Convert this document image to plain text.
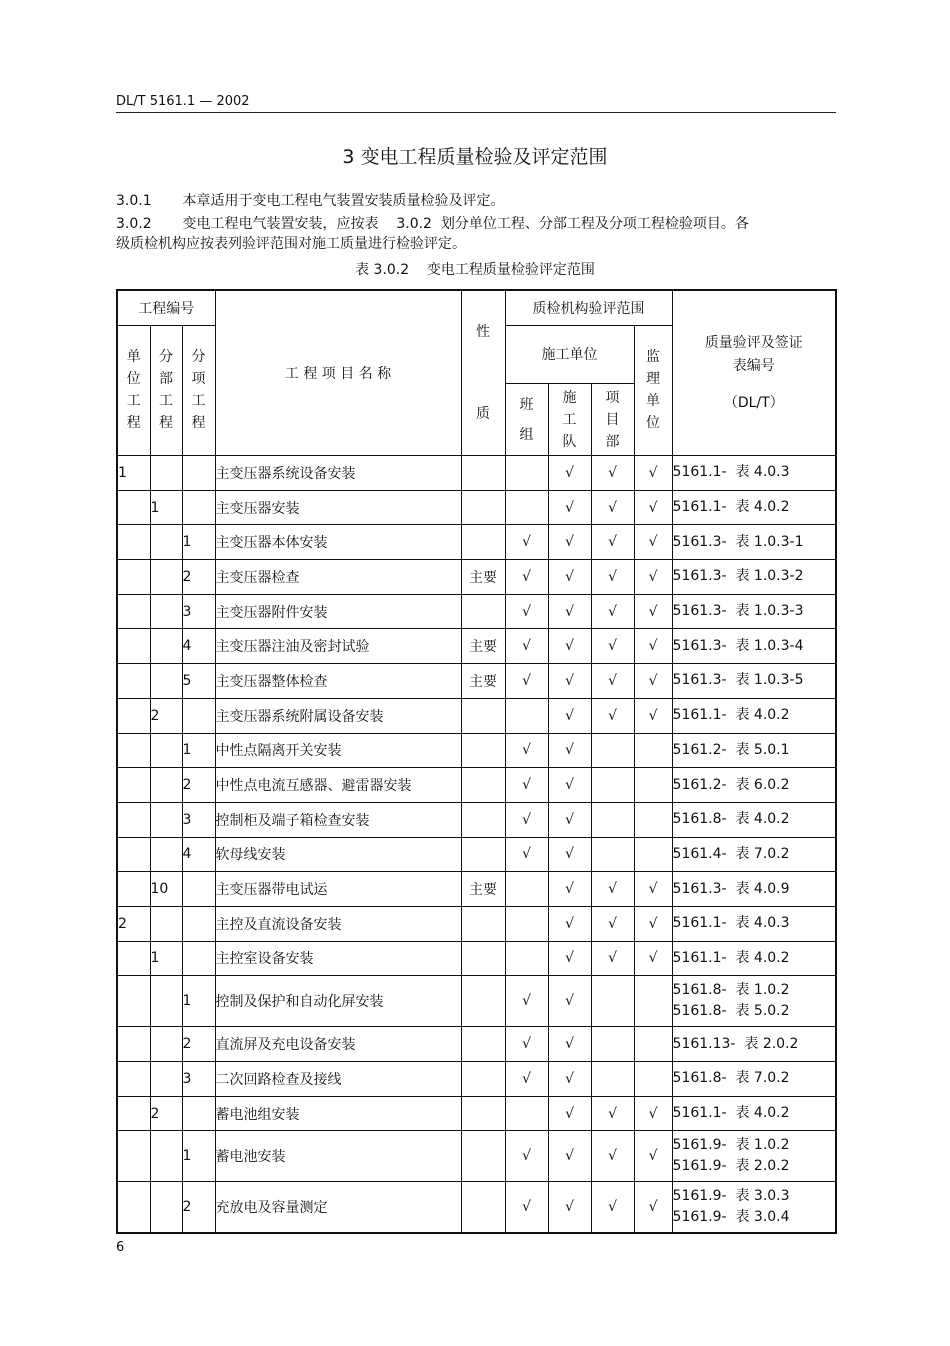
DL/T 5161.1 — 2002
3 变电工程质量检验及评定范围
3.0.1 本章适用于变电工程电气装置安装质量检验及评定。
3.0.2 变电工程电气装置安装，应按表    3.0.2  划分单位工程、分部工程及分项工程检验项目。各
级质检机构应按表列验评范围对施工质量进行检验评定。
表 3.0.2    变电工程质量检验评定范围
工程编号			工 程 项 目 名 称	性质	质检机构验评范围				质量验评及签证
表编号
（DL/T）

单位工程	分部工程	分项工程			施工单位			监理单位	

					班组	施工队	项目部		

1			主变压器系统设备安装			√	√	√	5161.1-  表 4.0.3

	1		主变压器安装			√	√	√	5161.1-  表 4.0.2

		1	主变压器本体安装		√	√	√	√	5161.3-  表 1.0.3-1

		2	主变压器检查	主要	√	√	√	√	5161.3-  表 1.0.3-2

		3	主变压器附件安装		√	√	√	√	5161.3-  表 1.0.3-3

		4	主变压器注油及密封试验	主要	√	√	√	√	5161.3-  表 1.0.3-4

		5	主变压器整体检查	主要	√	√	√	√	5161.3-  表 1.0.3-5

	2		主变压器系统附属设备安装			√	√	√	5161.1-  表 4.0.2

		1	中性点隔离开关安装		√	√			5161.2-  表 5.0.1

		2	中性点电流互感器、避雷器安装		√	√			5161.2-  表 6.0.2

		3	控制柜及端子箱检查安装		√	√			5161.8-  表 4.0.2

		4	软母线安装		√	√			5161.4-  表 7.0.2

	10		主变压器带电试运	主要		√	√	√	5161.3-  表 4.0.9

2			主控及直流设备安装			√	√	√	5161.1-  表 4.0.3

	1		主控室设备安装			√	√	√	5161.1-  表 4.0.2

		1	控制及保护和自动化屏安装		√	√			5161.8-  表 1.0.2
5161.8-  表 5.0.2

		2	直流屏及充电设备安装		√	√			5161.13-  表 2.0.2

		3	二次回路检查及接线		√	√			5161.8-  表 7.0.2

	2		蓄电池组安装			√	√	√	5161.1-  表 4.0.2

		1	蓄电池安装		√	√	√	√	5161.9-  表 1.0.2
5161.9-  表 2.0.2

		2	充放电及容量测定		√	√	√	√	5161.9-  表 3.0.3
5161.9-  表 3.0.4
6
